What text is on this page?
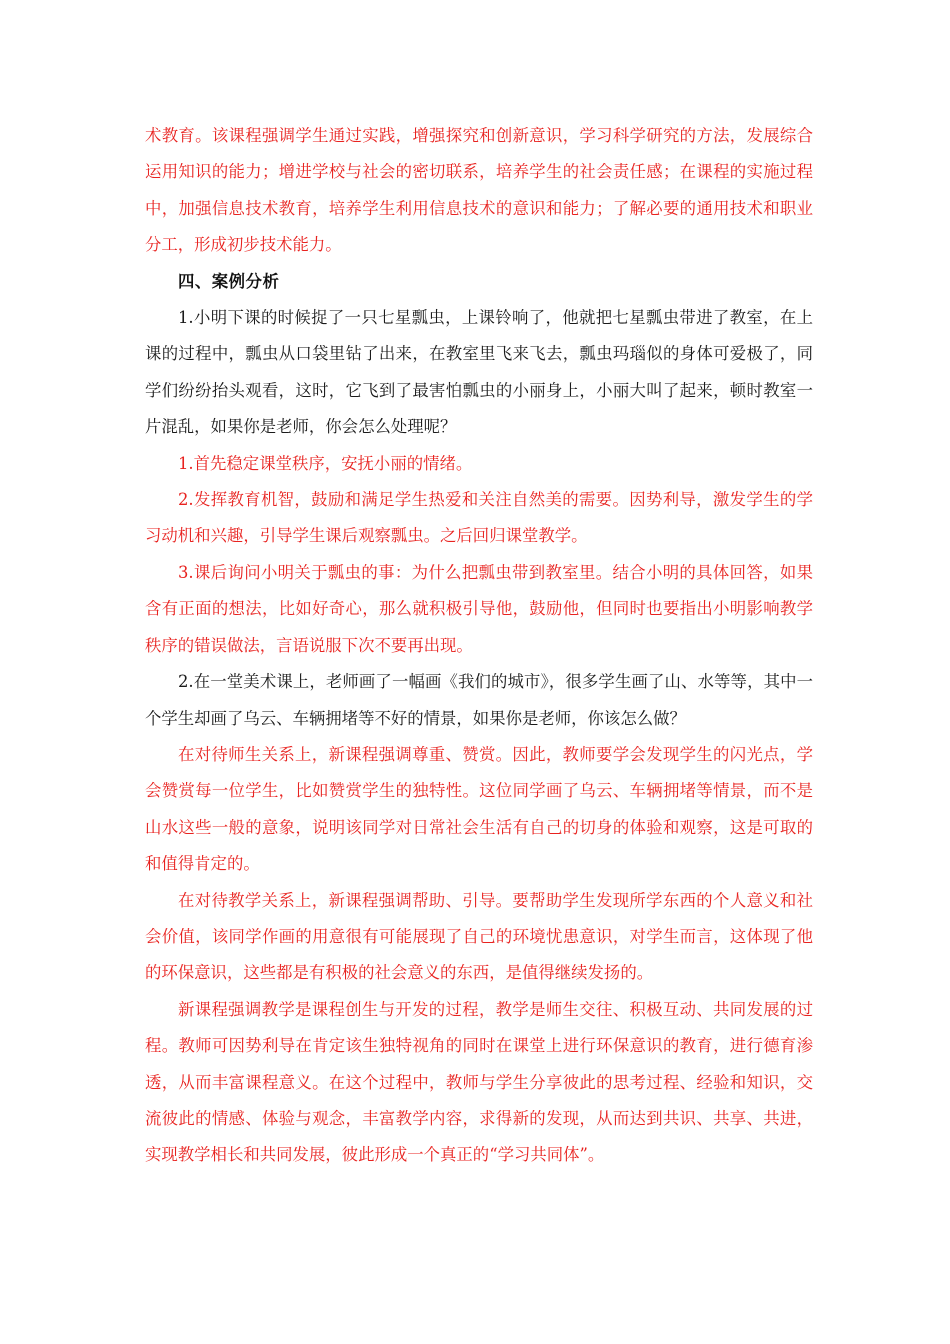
术教育。该课程强调学生通过实践，增强探究和创新意识，学习科学研究的方法，发展综合运用知识的能力；增进学校与社会的密切联系，培养学生的社会责任感；在课程的实施过程中，加强信息技术教育，培养学生利用信息技术的意识和能力；了解必要的通用技术和职业分工，形成初步技术能力。

四、案例分析

1.小明下课的时候捉了一只七星瓢虫，上课铃响了，他就把七星瓢虫带进了教室，在上课的过程中，瓢虫从口袋里钻了出来，在教室里飞来飞去，瓢虫玛瑙似的身体可爱极了，同学们纷纷抬头观看，这时，它飞到了最害怕瓢虫的小丽身上，小丽大叫了起来，顿时教室一片混乱，如果你是老师，你会怎么处理呢？

1.首先稳定课堂秩序，安抚小丽的情绪。

2.发挥教育机智，鼓励和满足学生热爱和关注自然美的需要。因势利导，激发学生的学习动机和兴趣，引导学生课后观察瓢虫。之后回归课堂教学。

3.课后询问小明关于瓢虫的事：为什么把瓢虫带到教室里。结合小明的具体回答，如果含有正面的想法，比如好奇心，那么就积极引导他，鼓励他，但同时也要指出小明影响教学秩序的错误做法，言语说服下次不要再出现。

2.在一堂美术课上，老师画了一幅画《我们的城市》，很多学生画了山、水等等，其中一个学生却画了乌云、车辆拥堵等不好的情景，如果你是老师，你该怎么做？

在对待师生关系上，新课程强调尊重、赞赏。因此，教师要学会发现学生的闪光点，学会赞赏每一位学生，比如赞赏学生的独特性。这位同学画了乌云、车辆拥堵等情景，而不是山水这些一般的意象，说明该同学对日常社会生活有自己的切身的体验和观察，这是可取的和值得肯定的。

在对待教学关系上，新课程强调帮助、引导。要帮助学生发现所学东西的个人意义和社会价值，该同学作画的用意很有可能展现了自己的环境忧患意识，对学生而言，这体现了他的环保意识，这些都是有积极的社会意义的东西，是值得继续发扬的。

新课程强调教学是课程创生与开发的过程，教学是师生交往、积极互动、共同发展的过程。教师可因势利导在肯定该生独特视角的同时在课堂上进行环保意识的教育，进行德育渗透，从而丰富课程意义。在这个过程中，教师与学生分享彼此的思考过程、经验和知识，交流彼此的情感、体验与观念，丰富教学内容，求得新的发现，从而达到共识、共享、共进，实现教学相长和共同发展，彼此形成一个真正的“学习共同体”。
